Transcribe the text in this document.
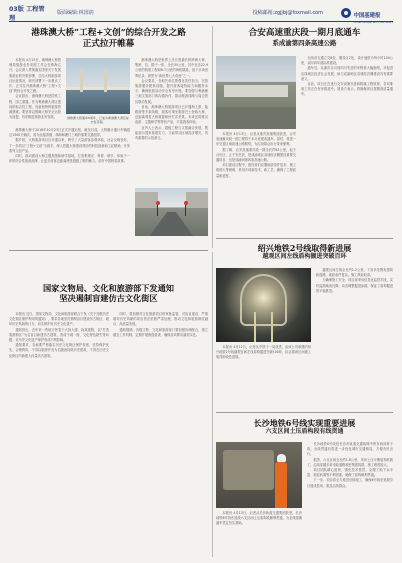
03版 工程管理
版面编辑:林国润	投稿邮箱:zgjjbj@foxmail.com	中国基建报
CHINA INFRASTRUCTURE NEWS
港珠澳大桥“工程+文创”的综合开发之路
正式拉开帷幕

本报讯 4月13日，港珠澳大桥管理局旅游业务发展工作会在珠海召开，会议深入贯彻落实国家关于发展旅游业的决策部署，总结大桥旅游项目运营情况，研究部署下一步重点工作，正式拉开港珠澳大桥“工程+文创”的综合开发之路。

会议指出，港珠澳大桥是国家工程、国之重器，作为粤港澳大湾区建设的标志性工程，具备独特的旅游资源禀赋。要坚持以保障大桥安全运营为前提，有序推进旅游业务发展。	港珠澳大桥通车5周年，已成为粤港澳大湾区标志性景观。

港珠澳大桥于2018年10月23日正式开通运营，截至目前，大桥累计通行车辆超过1500万辆次，成为连接香港、珠海和澳门三地的重要交通纽带。

据介绍，大桥旅游项目自开通以来，吸引了大量游客参观体验，社会反响良好。下一步将以“工程+文创”为抓手，深入挖掘大桥建设背后的科技创新和工匠精神，开发系列文创产品。

同时，推动建设大桥主题展馆和研学基地，打造集观光、科普、研学、体验于一体的综合性旅游品牌，让更多游客近距离感受超级工程的魅力，讲好中国桥梁故事。

港珠澳大桥是世界上总长度最长的跨海大桥，集桥、岛、隧于一体，全长55公里，其中包含22.9公里的桥梁工程和6.7公里的海底隧道，创下多项世界纪录，被誉为“新世界七大奇迹”之一。

会议要求，各相关单位要强化责任担当，完善旅游服务配套设施，提升游客接待能力和服务水平，确保旅游活动安全有序开展。要加强与粤港澳三地文旅部门的沟通协作，推动旅游线路与周边景区联动发展。

目前，港珠澳大桥旅游项目已开通海上游、陆路游等多条线路，游客可乘坐旅游巴士登临大桥，近距离观赏大桥雄姿和伶仃洋美景。未来还将推出夜游、主题研学等特色产品，丰富游客体验。

业内人士表示，超级工程与文旅融合发展，既能展示国家基建实力，又能带动区域经济增长，具有重要的示范意义。

合安高速重庆段一期月底通车
系成渝第四条高速公路

本报讯 4月13日，记者从重庆高速集团获悉，合安高速重庆段一期工程将于本月底建成通车。届时，将进一步完善区域高速公路网络，为沿线群众出行带来便利。

据了解，合安高速重庆段一期全长约62公里，起于合川区，止于安岳县，是成渝地区双城经济圈建设重要交通项目，也是成渝间第四条高速公路。

项目建设过程中，建设者们克服地质条件复杂、施工难度大等困难，采用多项新技术、新工艺，确保了工程质量和进度。

全线设互通立交8处、服务区2处，设计速度为每小时100公里，双向四车道标准建设。

通车后，从重庆合川到四川安岳的车程将大幅缩短，对促进沿线地区经济社会发展、助力成渝地区双城经济圈建设具有重要意义。

目前，项目正在进行交安设施完善和附属工程收尾，各项准备工作正在有序推进中。建设方表示，将确保项目按期高质量通车。

绍兴地铁2号线取得新进展
越观区间左线盾构掘进突破百环

本报讯 4月12日，记者从中铁十一局获悉，由该公司承建的绍兴地铁2号线越观区间左线盾构掘进突破100环，标志着该区间施工取得阶段性进展。

越观区间左线全长约1.2公里，下穿多处既有建筑和道路，地质条件复杂，施工风险较高。

为确保施工安全，项目部采用信息化监控手段，实时监测地表沉降，动态调整掘进参数，保证了盾构掘进的平稳推进。

国家文物局、文化和旅游部下发通知
坚决遏制盲建仿古文化街区

本报讯 近日，国家文物局、文化和旅游部联合下发《关于加强历史文化街区保护利用的通知》，要求各地坚决遏制盲目建设仿古街区、破坏历史风貌的行为，切实保护好历史文化遗产。

通知指出，近年来一些地方热衷于大拆大建、拆真建假，以“打造旅游街区”为名盲目新建仿古建筑，造成千城一面、文化特色缺失等问题，对历史文化遗产保护造成不利影响。

通知要求，各地要严格落实历史文化街区保护规划，坚持保护优先、合理利用，不得以旅游开发为名随意拆除历史建筑，不得在历史文化街区内新建大体量仿古建筑。

同时，要加强对文化旅游项目的审批监管，对盲目建设、严重破坏历史风貌的项目依法依规严肃处理，推动文化和旅游深度融合、高质量发展。

通知强调，各级文物、文化和旅游部门要加强协调配合，建立健全工作机制，定期开展督促检查，确保各项要求落到实处。

长沙地铁6号线实现重要进展
六支区间土压盾构段有线贯通

本报讯 4月13日，记者从长沙轨道交通集团获悉，长沙地铁6号线东延段六支区间土压盾构段顺利贯通，为全线按期通车奠定坚实基础。

长沙地铁6号线是长沙市轨道交通线网中的东西向骨干线，全线贯通后将进一步优化城市交通格局，方便市民出行。

据悉，六支区间全长约1.6公里，采用土压平衡盾构机施工，沿线穿越多条市政道路和密集建筑群，施工难度较大。

项目团队精心组织，强化技术管控，克服了地下水丰富、地层软弱等不利因素，确保了盾构顺利贯通。

下一步，项目将全力推进后续施工，确保6号线东延段早日建成投用，惠及沿线群众。
